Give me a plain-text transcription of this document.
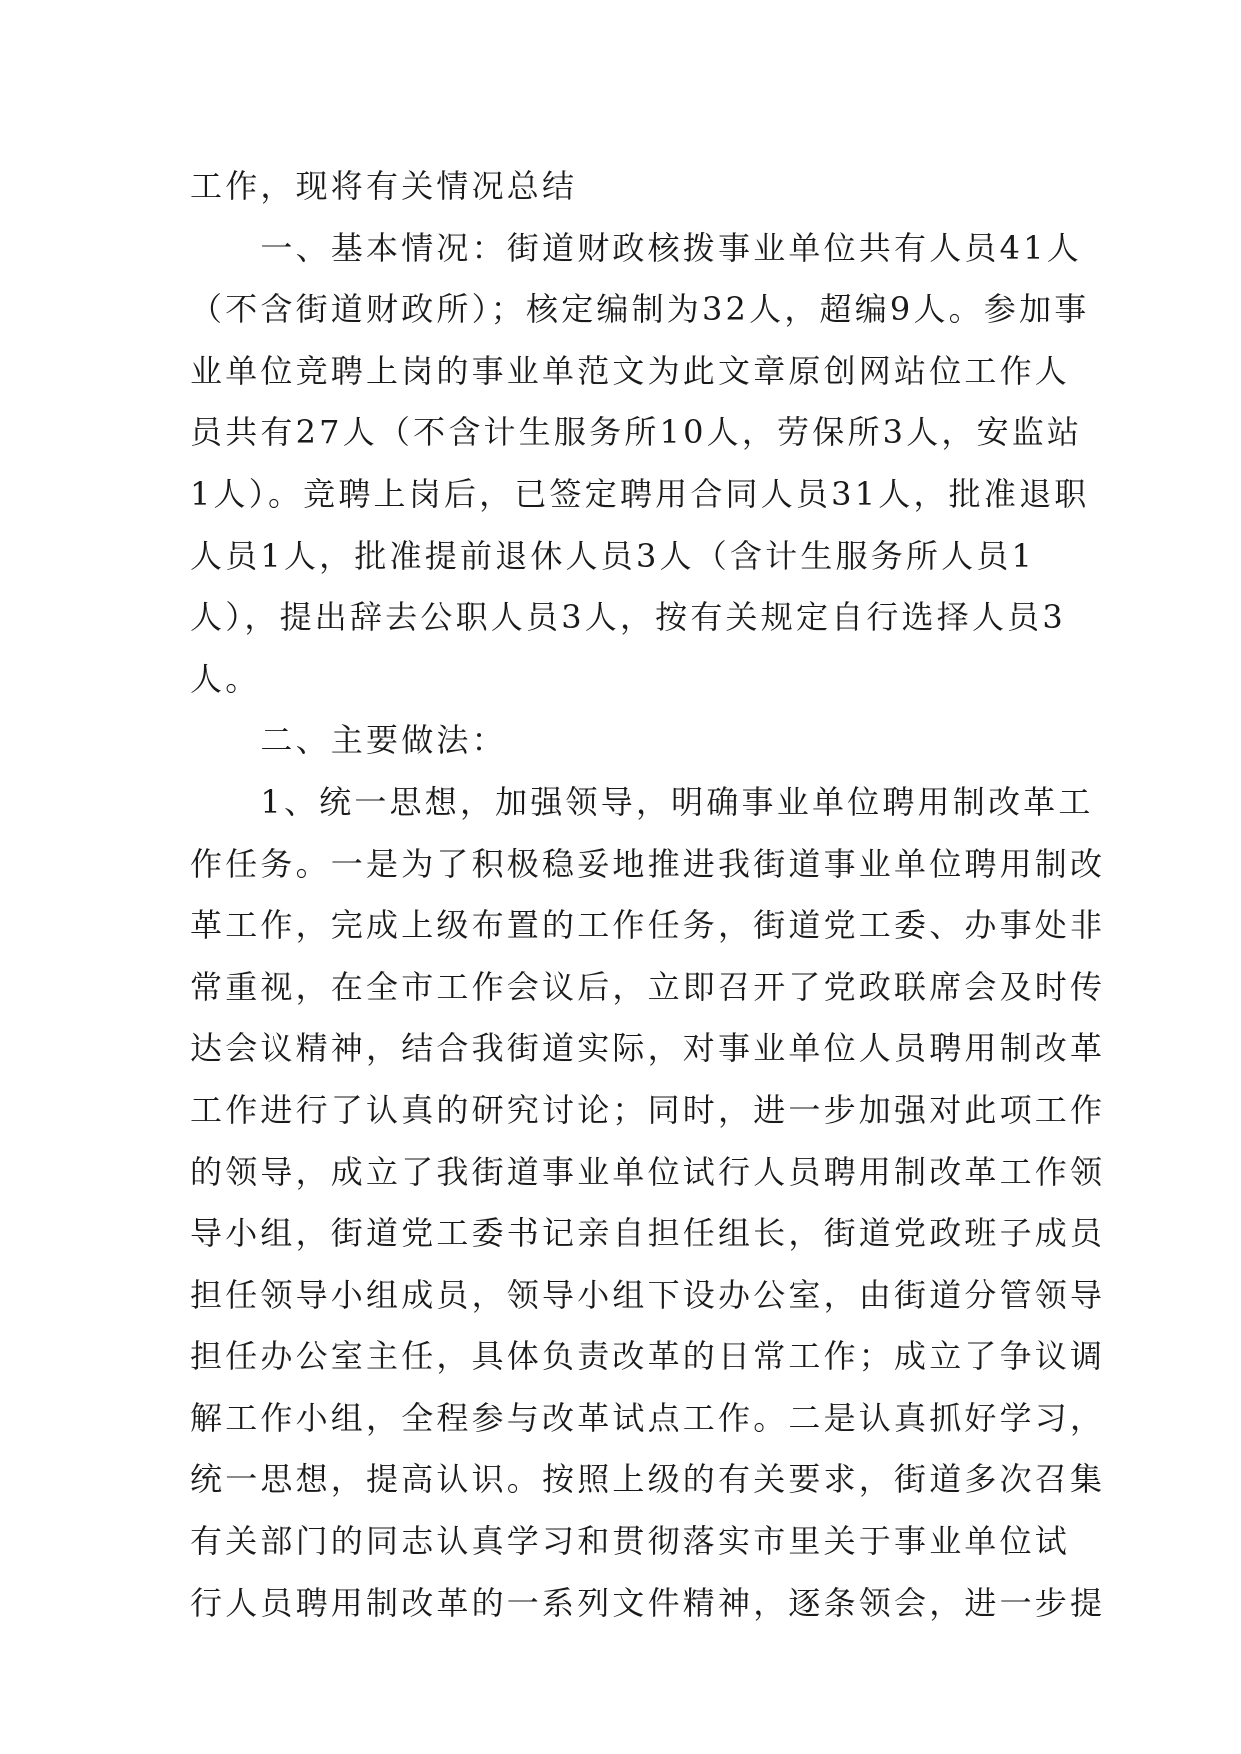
工作，现将有关情况总结
　　一、基本情况：街道财政核拨事业单位共有人员41人
（不含街道财政所）；核定编制为32人，超编9人。参加事
业单位竞聘上岗的事业单范文为此文章原创网站位工作人
员共有27人（不含计生服务所10人，劳保所3人，安监站
1人）。竞聘上岗后，已签定聘用合同人员31人，批准退职
人员1人，批准提前退休人员3人（含计生服务所人员1
人），提出辞去公职人员3人，按有关规定自行选择人员3
人。
　　二、主要做法：
　　1、统一思想，加强领导，明确事业单位聘用制改革工
作任务。一是为了积极稳妥地推进我街道事业单位聘用制改
革工作，完成上级布置的工作任务，街道党工委、办事处非
常重视，在全市工作会议后，立即召开了党政联席会及时传
达会议精神，结合我街道实际，对事业单位人员聘用制改革
工作进行了认真的研究讨论；同时，进一步加强对此项工作
的领导，成立了我街道事业单位试行人员聘用制改革工作领
导小组，街道党工委书记亲自担任组长，街道党政班子成员
担任领导小组成员，领导小组下设办公室，由街道分管领导
担任办公室主任，具体负责改革的日常工作；成立了争议调
解工作小组，全程参与改革试点工作。二是认真抓好学习，
统一思想，提高认识。按照上级的有关要求，街道多次召集
有关部门的同志认真学习和贯彻落实市里关于事业单位试
行人员聘用制改革的一系列文件精神，逐条领会，进一步提
